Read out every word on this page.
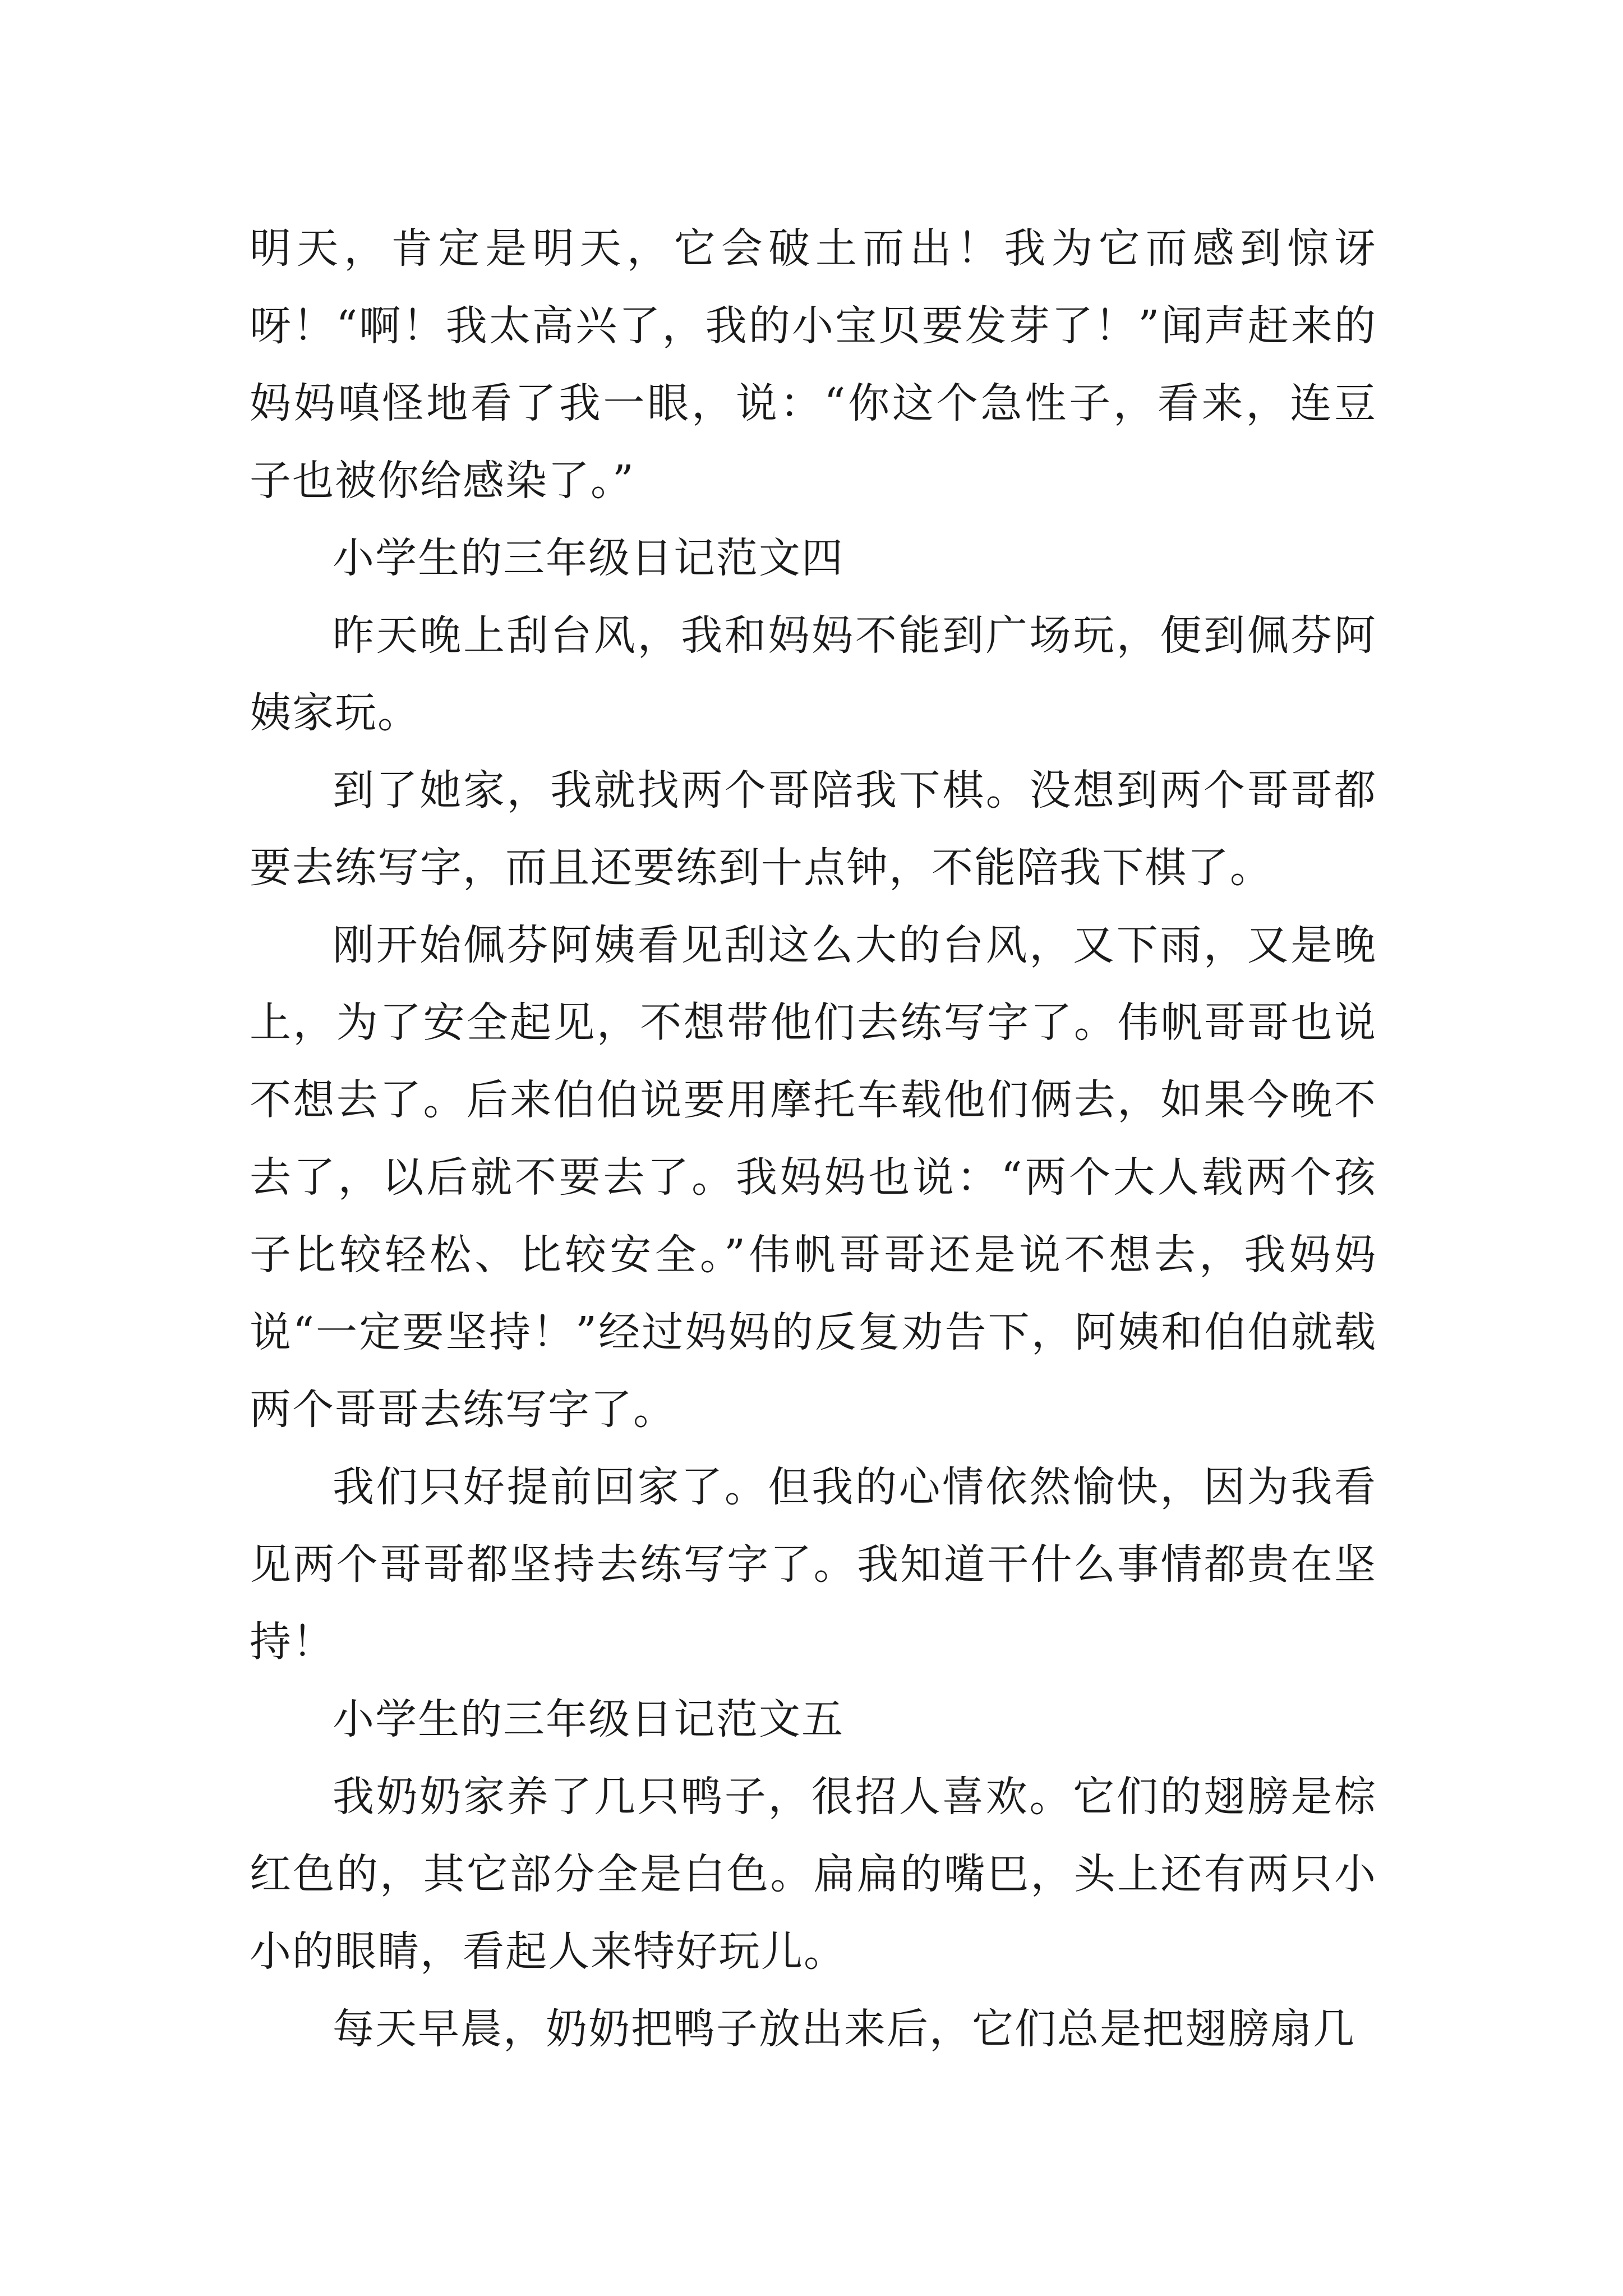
明天，肯定是明天，它会破土而出！我为它而感到惊讶呀！“啊！我太高兴了，我的小宝贝要发芽了！”闻声赶来的妈妈嗔怪地看了我一眼，说：“你这个急性子，看来，连豆子也被你给感染了。”

小学生的三年级日记范文四

昨天晚上刮台风，我和妈妈不能到广场玩，便到佩芬阿姨家玩。

到了她家，我就找两个哥陪我下棋。没想到两个哥哥都要去练写字，而且还要练到十点钟，不能陪我下棋了。

刚开始佩芬阿姨看见刮这么大的台风，又下雨，又是晚上，为了安全起见，不想带他们去练写字了。伟帆哥哥也说不想去了。后来伯伯说要用摩托车载他们俩去，如果今晚不去了，以后就不要去了。我妈妈也说：“两个大人载两个孩子比较轻松、比较安全。”伟帆哥哥还是说不想去，我妈妈说“一定要坚持！”经过妈妈的反复劝告下，阿姨和伯伯就载两个哥哥去练写字了。

我们只好提前回家了。但我的心情依然愉快，因为我看见两个哥哥都坚持去练写字了。我知道干什么事情都贵在坚持！

小学生的三年级日记范文五

我奶奶家养了几只鸭子，很招人喜欢。它们的翅膀是棕红色的，其它部分全是白色。扁扁的嘴巴，头上还有两只小小的眼睛，看起人来特好玩儿。

每天早晨，奶奶把鸭子放出来后，它们总是把翅膀扇几
